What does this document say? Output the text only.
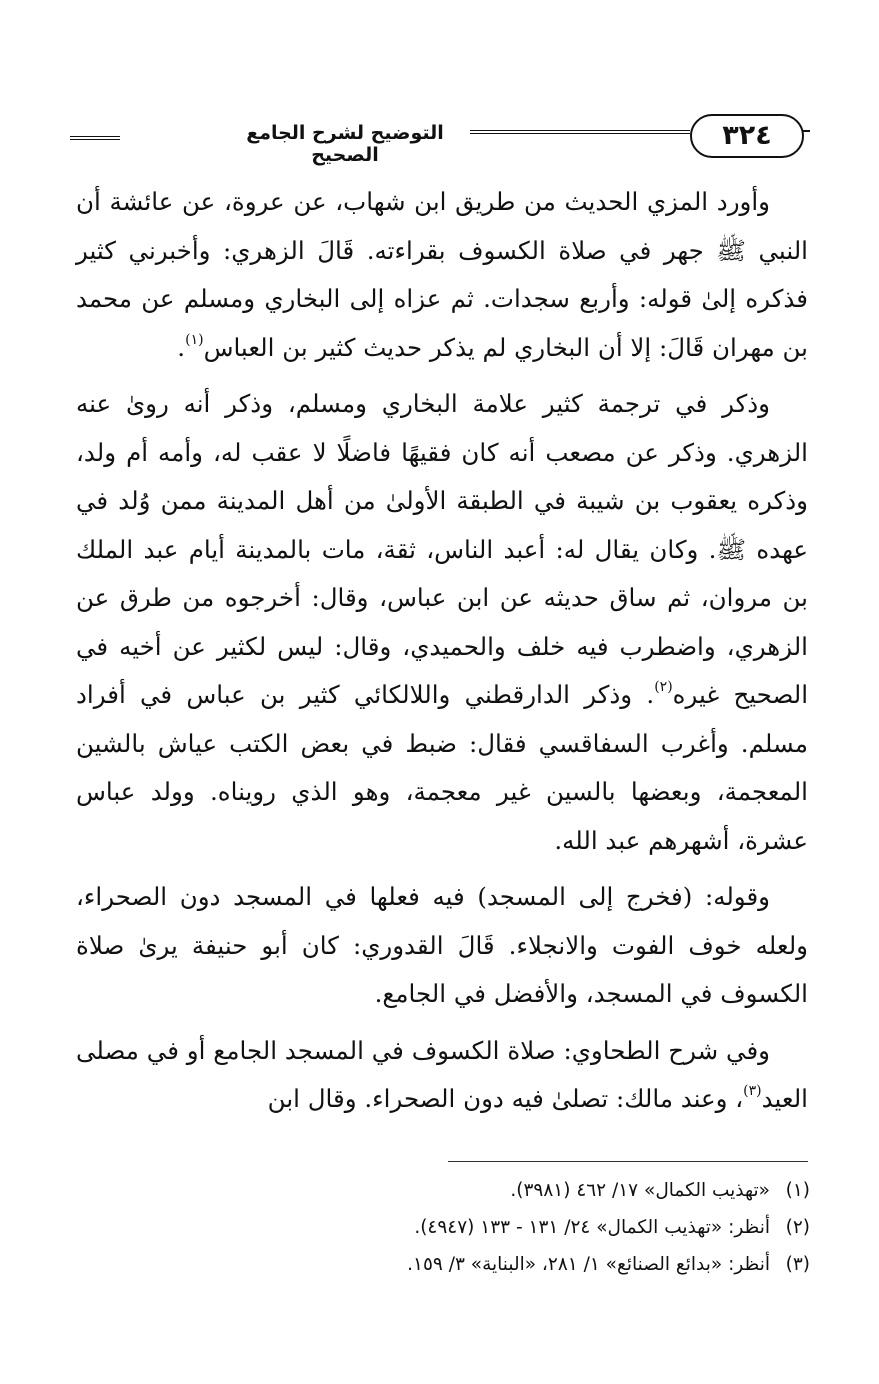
٣٢٤
التوضيح لشرح الجامع الصحيح

وأورد المزي الحديث من طريق ابن شهاب، عن عروة، عن عائشة أن النبي ﷺ جهر في صلاة الكسوف بقراءته. قَالَ الزهري: وأخبرني كثير فذكره إلىٰ قوله: وأربع سجدات. ثم عزاه إلى البخاري ومسلم عن محمد بن مهران قَالَ: إلا أن البخاري لم يذكر حديث كثير بن العباس$^{(١)}$.

وذكر في ترجمة كثير علامة البخاري ومسلم، وذكر أنه روىٰ عنه الزهري. وذكر عن مصعب أنه كان فقيهًا فاضلًا لا عقب له، وأمه أم ولد، وذكره يعقوب بن شيبة في الطبقة الأولىٰ من أهل المدينة ممن وُلد في عهده ﷺ. وكان يقال له: أعبد الناس، ثقة، مات بالمدينة أيام عبد الملك بن مروان، ثم ساق حديثه عن ابن عباس، وقال: أخرجوه من طرق عن الزهري، واضطرب فيه خلف والحميدي، وقال: ليس لكثير عن أخيه في الصحيح غيره$^{(٢)}$. وذكر الدارقطني واللالكائي كثير بن عباس في أفراد مسلم. وأغرب السفاقسي فقال: ضبط في بعض الكتب عياش بالشين المعجمة، وبعضها بالسين غير معجمة، وهو الذي رويناه. وولد عباس عشرة، أشهرهم عبد الله.

وقوله: (فخرج إلى المسجد) فيه فعلها في المسجد دون الصحراء، ولعله خوف الفوت والانجلاء. قَالَ القدوري: كان أبو حنيفة يرىٰ صلاة الكسوف في المسجد، والأفضل في الجامع.

وفي شرح الطحاوي: صلاة الكسوف في المسجد الجامع أو في مصلى العيد$^{(٣)}$، وعند مالك: تصلىٰ فيه دون الصحراء. وقال ابن

(١)
«تهذيب الكمال» ١٧/ ٤٦٢ (٣٩٨١).
(٢)
أنظر: «تهذيب الكمال» ٢٤/ ١٣١ - ١٣٣ (٤٩٤٧).
(٣)
أنظر: «بدائع الصنائع» ١/ ٢٨١، «البناية» ٣/ ١٥٩.
